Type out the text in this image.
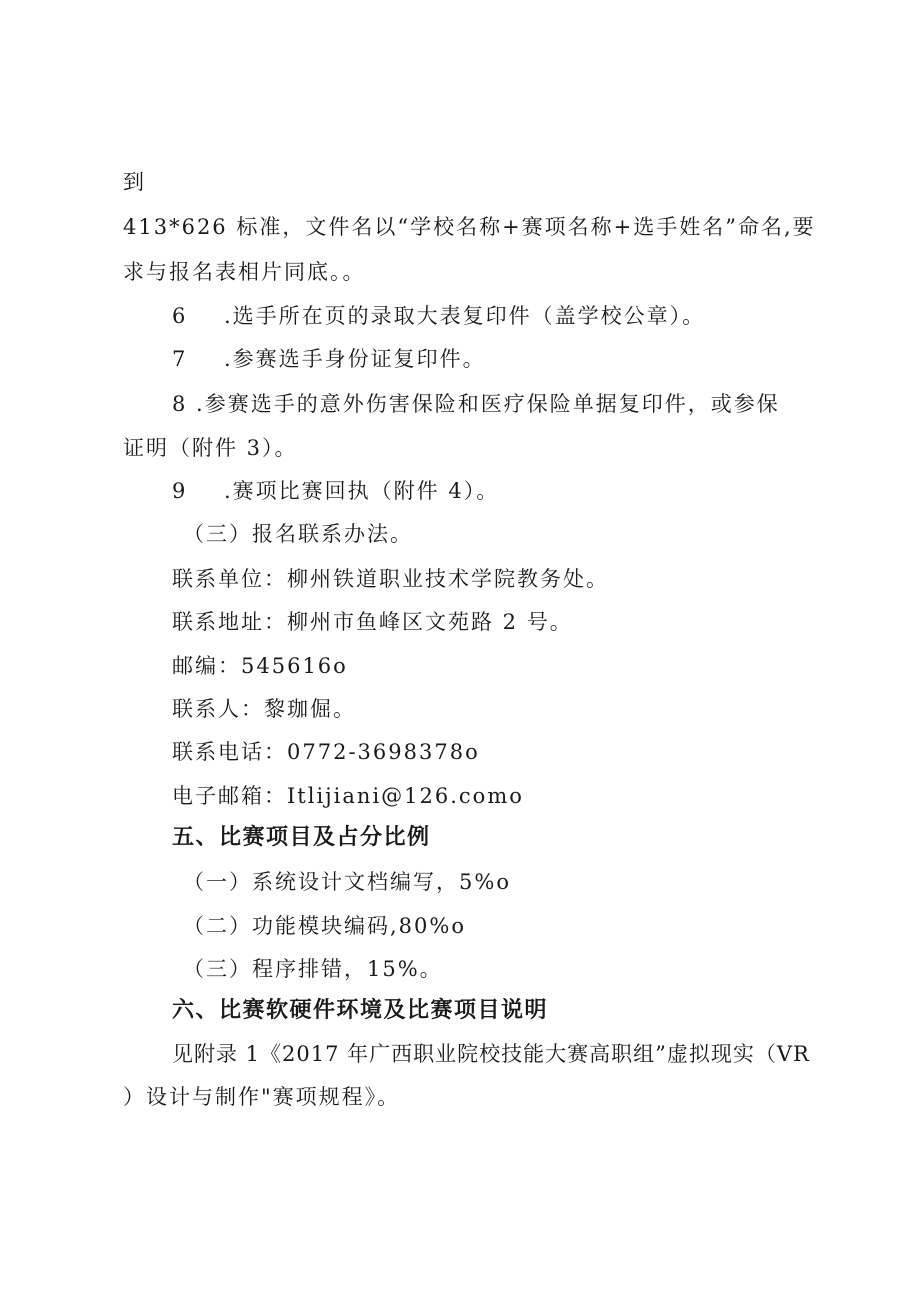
到
413*626 标准，文件名以“学校名称+赛项名称+选手姓名”命名,要
求与报名表相片同底。。
6 .选手所在页的录取大表复印件（盖学校公章）。
7 .参赛选手身份证复印件。
8 .参赛选手的意外伤害保险和医疗保险单据复印件，或参保
证明（附件 3）。
9 .赛项比赛回执（附件 4）。
（三）报名联系办法。
联系单位：柳州铁道职业技术学院教务处。
联系地址：柳州市鱼峰区文苑路 2 号。
邮编：545616o
联系人：黎珈倔。
联系电话：0772-3698378o
电子邮箱：Itlijiani@126.como
五、比赛项目及占分比例
（一）系统设计文档编写，5%o
（二）功能模块编码,80%o
（三）程序排错，15%。
六、比赛软硬件环境及比赛项目说明
见附录 1《2017 年广西职业院校技能大赛高职组”虚拟现实（VR
）设计与制作"赛项规程》。
